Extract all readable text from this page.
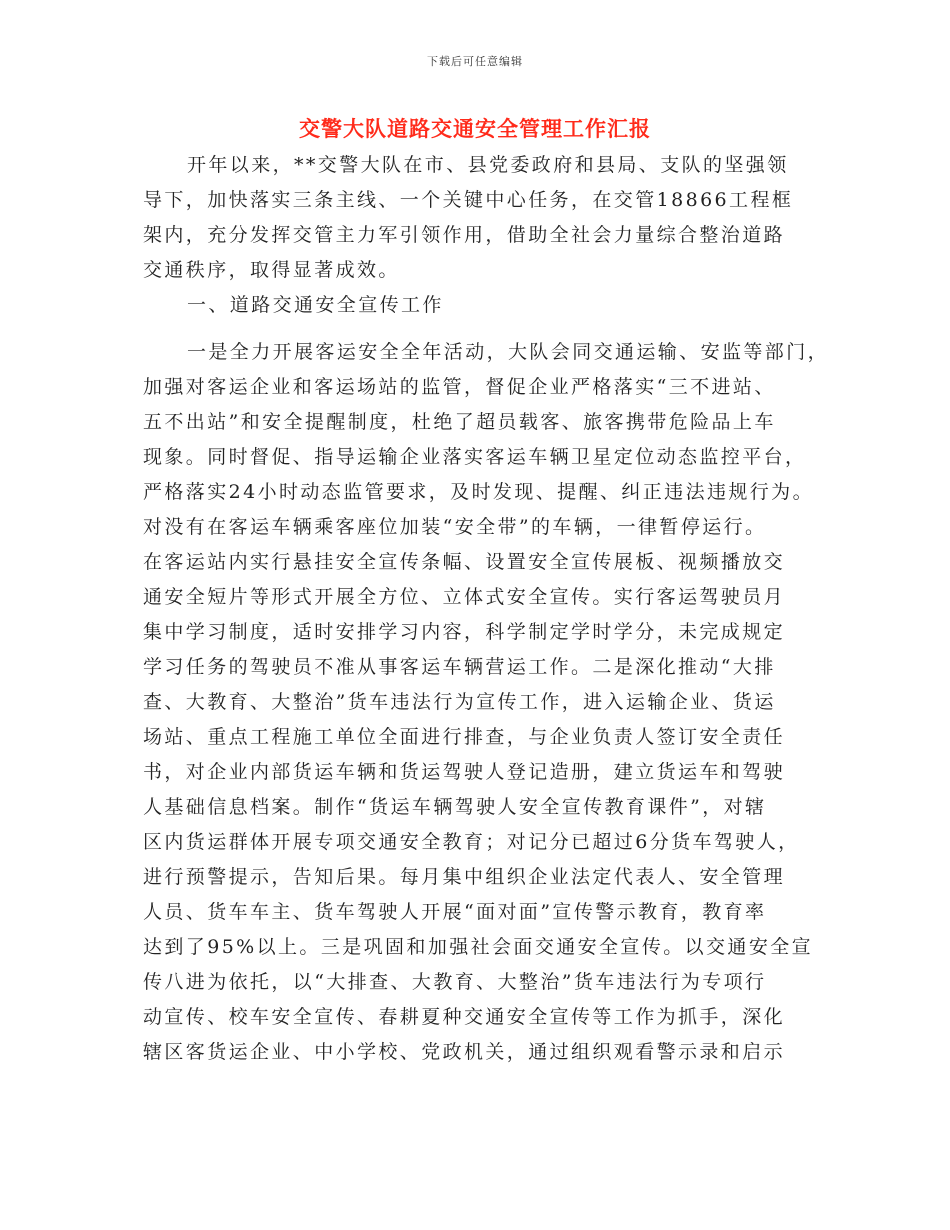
下载后可任意编辑
交警大队道路交通安全管理工作汇报
开年以来，**交警大队在市、县党委政府和县局、支队的坚强领
导下，加快落实三条主线、一个关键中心任务，在交管18866工程框
架内，充分发挥交管主力军引领作用，借助全社会力量综合整治道路
交通秩序，取得显著成效。
一、道路交通安全宣传工作
一是全力开展客运安全全年活动，大队会同交通运输、安监等部门，
加强对客运企业和客运场站的监管，督促企业严格落实“三不进站、
五不出站”和安全提醒制度，杜绝了超员载客、旅客携带危险品上车
现象。同时督促、指导运输企业落实客运车辆卫星定位动态监控平台，
严格落实24小时动态监管要求，及时发现、提醒、纠正违法违规行为。
对没有在客运车辆乘客座位加装“安全带”的车辆，一律暂停运行。
在客运站内实行悬挂安全宣传条幅、设置安全宣传展板、视频播放交
通安全短片等形式开展全方位、立体式安全宣传。实行客运驾驶员月
集中学习制度，适时安排学习内容，科学制定学时学分，未完成规定
学习任务的驾驶员不准从事客运车辆营运工作。二是深化推动“大排
查、大教育、大整治”货车违法行为宣传工作，进入运输企业、货运
场站、重点工程施工单位全面进行排查，与企业负责人签订安全责任
书，对企业内部货运车辆和货运驾驶人登记造册，建立货运车和驾驶
人基础信息档案。制作“货运车辆驾驶人安全宣传教育课件”，对辖
区内货运群体开展专项交通安全教育；对记分已超过6分货车驾驶人，
进行预警提示，告知后果。每月集中组织企业法定代表人、安全管理
人员、货车车主、货车驾驶人开展“面对面”宣传警示教育，教育率
达到了95%以上。三是巩固和加强社会面交通安全宣传。以交通安全宣
传八进为依托，以“大排查、大教育、大整治”货车违法行为专项行
动宣传、校车安全宣传、春耕夏种交通安全宣传等工作为抓手，深化
辖区客货运企业、中小学校、党政机关，通过组织观看警示录和启示
